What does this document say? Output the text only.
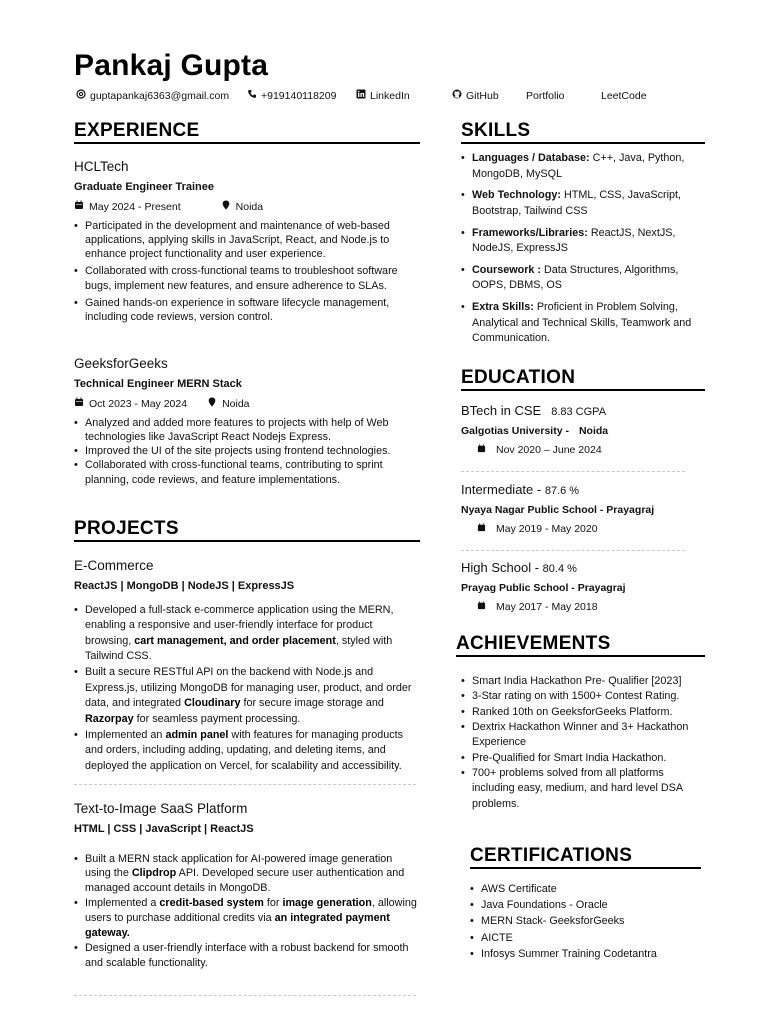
Pankaj Gupta
guptapankaj6363@gmail.com	+919140118209	LinkedIn	GitHub	Portfolio	LeetCode
EXPERIENCE
HCLTech
Graduate Engineer Trainee
May 2024 - Present	Noida
• Participated in the development and maintenance of web-based applications, applying skills in JavaScript, React, and Node.js to enhance project functionality and user experience.
• Collaborated with cross-functional teams to troubleshoot software bugs, implement new features, and ensure adherence to SLAs.
• Gained hands-on experience in software lifecycle management, including code reviews, version control.
GeeksforGeeks
Technical Engineer MERN Stack
Oct 2023 - May 2024	Noida
• Analyzed and added more features to projects with help of Web technologies like JavaScript React Nodejs Express.
• Improved the UI of the site projects using frontend technologies.
• Collaborated with cross-functional teams, contributing to sprint planning, code reviews, and feature implementations.
PROJECTS
E-Commerce
ReactJS | MongoDB | NodeJS | ExpressJS
• Developed a full-stack e-commerce application using the MERN, enabling a responsive and user-friendly interface for product browsing, cart management, and order placement, styled with Tailwind CSS.
• Built a secure RESTful API on the backend with Node.js and Express.js, utilizing MongoDB for managing user, product, and order data, and integrated Cloudinary for secure image storage and Razorpay for seamless payment processing.
• Implemented an admin panel with features for managing products and orders, including adding, updating, and deleting items, and deployed the application on Vercel, for scalability and accessibility.
Text-to-Image SaaS Platform
HTML | CSS | JavaScript | ReactJS
• Built a MERN stack application for AI-powered image generation using the Clipdrop API. Developed secure user authentication and managed account details in MongoDB.
• Implemented a credit-based system for image generation, allowing users to purchase additional credits via an integrated payment gateway.
• Designed a user-friendly interface with a robust backend for smooth and scalable functionality.
SKILLS
• Languages / Database: C++, Java, Python, MongoDB, MySQL
• Web Technology: HTML, CSS, JavaScript, Bootstrap, Tailwind CSS
• Frameworks/Libraries: ReactJS, NextJS, NodeJS, ExpressJS
• Coursework : Data Structures, Algorithms, OOPS, DBMS, OS
• Extra Skills: Proficient in Problem Solving, Analytical and Technical Skills, Teamwork and Communication.
EDUCATION
BTech in CSE 8.83 CGPA
Galgotias University - Noida
Nov 2020 – June 2024
Intermediate - 87.6 %
Nyaya Nagar Public School - Prayagraj
May 2019 - May 2020
High School - 80.4 %
Prayag Public School - Prayagraj
May 2017 - May 2018
ACHIEVEMENTS
• Smart India Hackathon Pre- Qualifier [2023]
• 3-Star rating on with 1500+ Contest Rating.
• Ranked 10th on GeeksforGeeks Platform.
• Dextrix Hackathon Winner and 3+ Hackathon Experience
• Pre-Qualified for Smart India Hackathon.
• 700+ problems solved from all platforms including easy, medium, and hard level DSA problems.
CERTIFICATIONS
• AWS Certificate
• Java Foundations - Oracle
• MERN Stack- GeeksforGeeks
• AICTE
• Infosys Summer Training Codetantra
